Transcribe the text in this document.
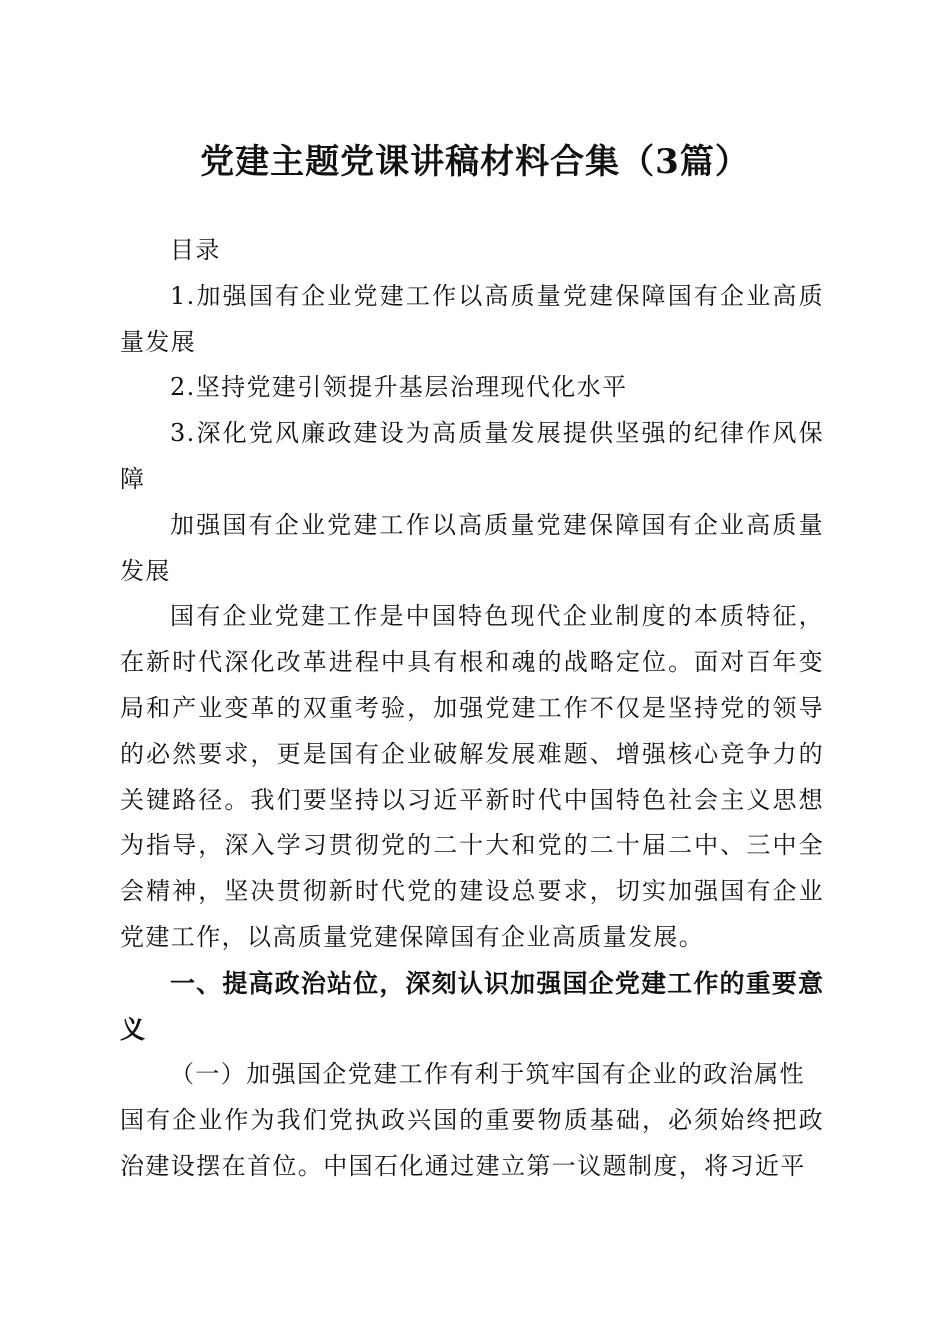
党建主题党课讲稿材料合集（3篇）

目录

1.加强国有企业党建工作以高质量党建保障国有企业高质量发展

2.坚持党建引领提升基层治理现代化水平

3.深化党风廉政建设为高质量发展提供坚强的纪律作风保障

加强国有企业党建工作以高质量党建保障国有企业高质量发展

国有企业党建工作是中国特色现代企业制度的本质特征，在新时代深化改革进程中具有根和魂的战略定位。面对百年变局和产业变革的双重考验，加强党建工作不仅是坚持党的领导的必然要求，更是国有企业破解发展难题、增强核心竞争力的关键路径。我们要坚持以习近平新时代中国特色社会主义思想为指导，深入学习贯彻党的二十大和党的二十届二中、三中全会精神，坚决贯彻新时代党的建设总要求，切实加强国有企业党建工作，以高质量党建保障国有企业高质量发展。

一、提高政治站位，深刻认识加强国企党建工作的重要意义

（一）加强国企党建工作有利于筑牢国有企业的政治属性

国有企业作为我们党执政兴国的重要物质基础，必须始终把政治建设摆在首位。中国石化通过建立第一议题制度，将习近平
